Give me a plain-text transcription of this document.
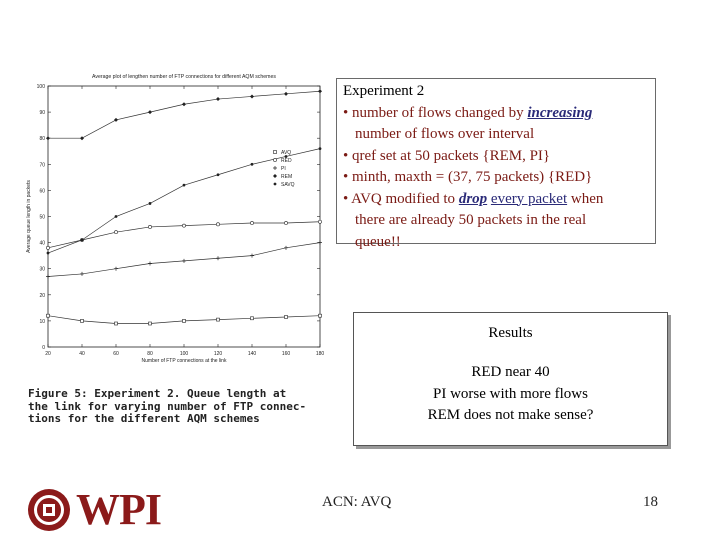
Average plot of lengthen number of FTP connections for different AQM schemes
0
10
20
30
40
50
60
70
80
90
100
20	40	60	80	100	120	140	160	180
Number of FTP connections at the link
Average queue length in packets
AVQ
RED
PI
REM
SAVQ
Figure 5: Experiment 2. Queue length at
the link for varying number of FTP connec-
tions for the different AQM schemes
Experiment 2
• number of flows changed by increasing
number of flows over interval
• qref set at 50 packets {REM, PI}
• minth, maxth = (37, 75 packets) {RED}
• AVQ modified to drop every packet when
there are already 50 packets in the real
queue!!
Results
RED near 40
PI worse with more flows
REM does not make sense?
WPI	ACN: AVQ	18
